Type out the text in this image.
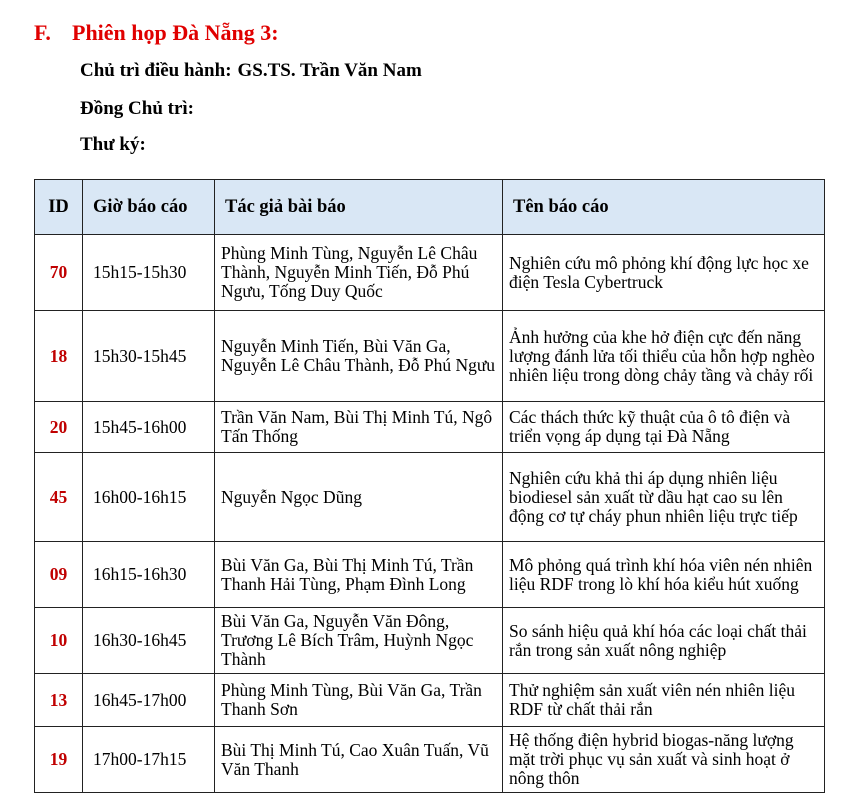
F. Phiên họp Đà Nẵng 3:
Chủ trì điều hành: GS.TS. Trần Văn Nam
Đồng Chủ trì:
Thư ký:
ID	Giờ báo cáo	Tác giả bài báo	Tên báo cáo
70	15h15-15h30	Phùng Minh Tùng, Nguyễn Lê Châu Thành, Nguyễn Minh Tiến, Đỗ Phú Ngưu, Tống Duy Quốc	Nghiên cứu mô phỏng khí động lực học xe điện Tesla Cybertruck
18	15h30-15h45	Nguyễn Minh Tiến, Bùi Văn Ga, Nguyễn Lê Châu Thành, Đỗ Phú Ngưu	Ảnh hưởng của khe hở điện cực đến năng lượng đánh lửa tối thiểu của hỗn hợp nghèo nhiên liệu trong dòng chảy tầng và chảy rối
20	15h45-16h00	Trần Văn Nam, Bùi Thị Minh Tú, Ngô Tấn Thống	Các thách thức kỹ thuật của ô tô điện và triển vọng áp dụng tại Đà Nẵng
45	16h00-16h15	Nguyễn Ngọc Dũng	Nghiên cứu khả thi áp dụng nhiên liệu biodiesel sản xuất từ dầu hạt cao su lên động cơ tự cháy phun nhiên liệu trực tiếp
09	16h15-16h30	Bùi Văn Ga, Bùi Thị Minh Tú, Trần Thanh Hải Tùng, Phạm Đình Long	Mô phỏng quá trình khí hóa viên nén nhiên liệu RDF trong lò khí hóa kiểu hút xuống
10	16h30-16h45	Bùi Văn Ga, Nguyễn Văn Đông, Trương Lê Bích Trâm, Huỳnh Ngọc Thành	So sánh hiệu quả khí hóa các loại chất thải rắn trong sản xuất nông nghiệp
13	16h45-17h00	Phùng Minh Tùng, Bùi Văn Ga, Trần Thanh Sơn	Thử nghiệm sản xuất viên nén nhiên liệu RDF từ chất thải rắn
19	17h00-17h15	Bùi Thị Minh Tú, Cao Xuân Tuấn, Vũ Văn Thanh	Hệ thống điện hybrid biogas-năng lượng mặt trời phục vụ sản xuất và sinh hoạt ở nông thôn
